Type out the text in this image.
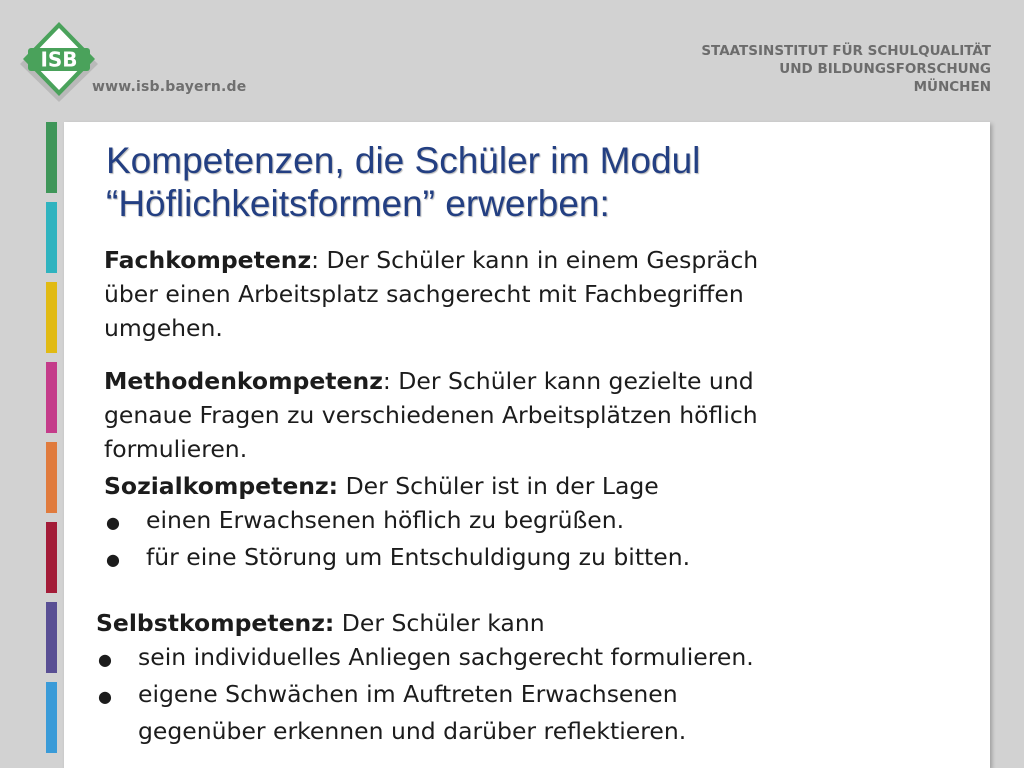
ISB
www.isb.bayern.de
STAATSINSTITUT FÜR SCHULQUALITÄT
UND BILDUNGSFORSCHUNG
MÜNCHEN
Kompetenzen, die Schüler im Modul
“Höflichkeitsformen” erwerben:
Fachkompetenz: Der Schüler kann in einem Gespräch
über einen Arbeitsplatz sachgerecht mit Fachbegriffen
umgehen.
Methodenkompetenz: Der Schüler kann gezielte und
genaue Fragen zu verschiedenen Arbeitsplätzen höflich
formulieren.
Sozialkompetenz: Der Schüler ist in der Lage
●	einen Erwachsenen höflich zu begrüßen.
●	für eine Störung um Entschuldigung zu bitten.
Selbstkompetenz: Der Schüler kann
●	sein individuelles Anliegen sachgerecht formulieren.
●	eigene Schwächen im Auftreten Erwachsenen
gegenüber erkennen und darüber reflektieren.
